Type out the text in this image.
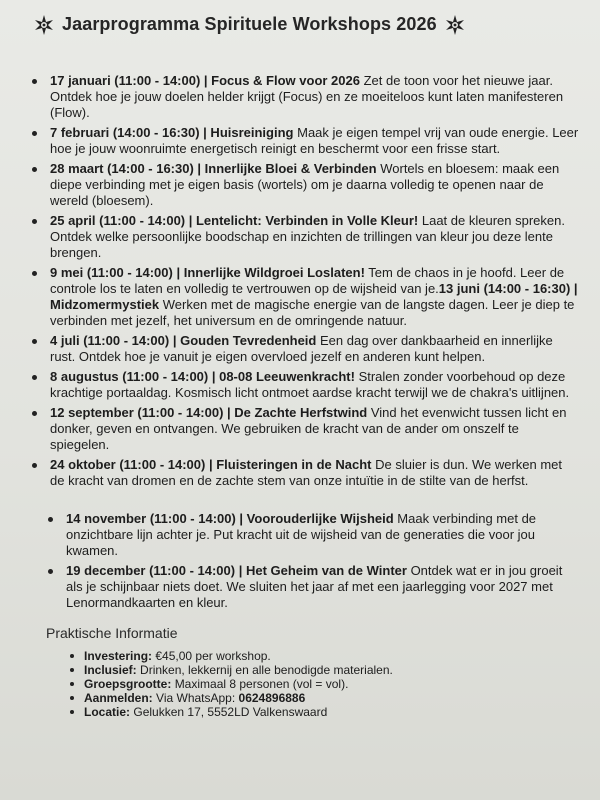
Jaarprogramma Spirituele Workshops 2026
17 januari (11:00 - 14:00) | Focus & Flow voor 2026 Zet de toon voor het nieuwe jaar. Ontdek hoe je jouw doelen helder krijgt (Focus) en ze moeiteloos kunt laten manifesteren (Flow).
7 februari (14:00 - 16:30) | Huisreiniging Maak je eigen tempel vrij van oude energie. Leer hoe je jouw woonruimte energetisch reinigt en beschermt voor een frisse start.
28 maart (14:00 - 16:30) | Innerlijke Bloei & Verbinden Wortels en bloesem: maak een diepe verbinding met je eigen basis (wortels) om je daarna volledig te openen naar de wereld (bloesem).
25 april (11:00 - 14:00) | Lentelicht: Verbinden in Volle Kleur! Laat de kleuren spreken. Ontdek welke persoonlijke boodschap en inzichten de trillingen van kleur jou deze lente brengen.
9 mei (11:00 - 14:00) | Innerlijke Wildgroei Loslaten! Tem de chaos in je hoofd. Leer de controle los te laten en volledig te vertrouwen op de wijsheid van je.13 juni (14:00 - 16:30) | Midzomermystiek Werken met de magische energie van de langste dagen. Leer je diep te verbinden met jezelf, het universum en de omringende natuur.
4 juli (11:00 - 14:00) | Gouden Tevredenheid Een dag over dankbaarheid en innerlijke rust. Ontdek hoe je vanuit je eigen overvloed jezelf en anderen kunt helpen.
8 augustus (11:00 - 14:00) | 08-08 Leeuwenkracht! Stralen zonder voorbehoud op deze krachtige portaaldag. Kosmisch licht ontmoet aardse kracht terwijl we de chakra's uitlijnen.
12 september (11:00 - 14:00) | De Zachte Herfstwind Vind het evenwicht tussen licht en donker, geven en ontvangen. We gebruiken de kracht van de ander om onszelf te spiegelen.
24 oktober (11:00 - 14:00) | Fluisteringen in de Nacht De sluier is dun. We werken met de kracht van dromen en de zachte stem van onze intuïtie in de stilte van de herfst.
14 november (11:00 - 14:00) | Voorouderlijke Wijsheid Maak verbinding met de onzichtbare lijn achter je. Put kracht uit de wijsheid van de generaties die voor jou kwamen.
19 december (11:00 - 14:00) | Het Geheim van de Winter Ontdek wat er in jou groeit als je schijnbaar niets doet. We sluiten het jaar af met een jaarlegging voor 2027 met Lenormandkaarten en kleur.
Praktische Informatie
Investering: €45,00 per workshop.
Inclusief: Drinken, lekkernij en alle benodigde materialen.
Groepsgrootte: Maximaal 8 personen (vol = vol).
Aanmelden: Via WhatsApp: 0624896886
Locatie: Gelukken 17, 5552LD Valkenswaard
